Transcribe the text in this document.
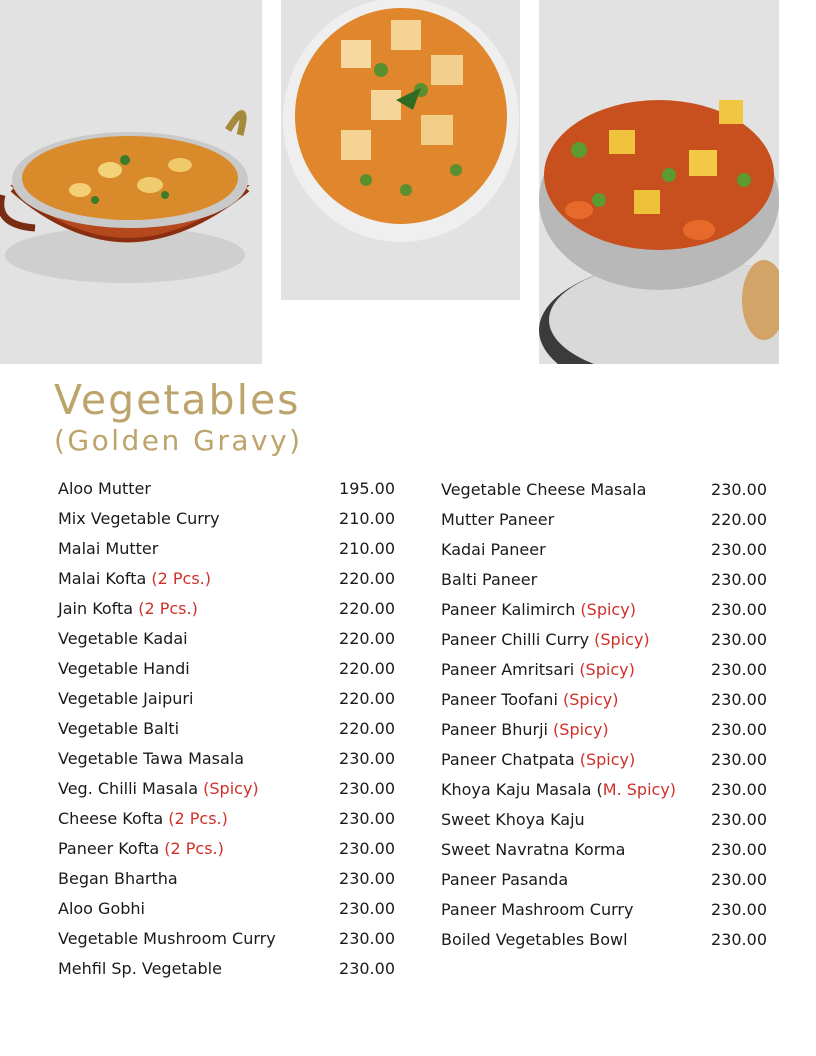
Vegetables
(Golden Gravy)
Aloo Mutter	195.00
Mix Vegetable Curry	210.00
Malai Mutter	210.00
Malai Kofta (2 Pcs.)	220.00
Jain Kofta (2 Pcs.)	220.00
Vegetable Kadai	220.00
Vegetable Handi	220.00
Vegetable Jaipuri	220.00
Vegetable Balti	220.00
Vegetable Tawa Masala	230.00
Veg. Chilli Masala (Spicy)	230.00
Cheese Kofta (2 Pcs.)	230.00
Paneer Kofta (2 Pcs.)	230.00
Began Bhartha	230.00
Aloo Gobhi	230.00
Vegetable Mushroom Curry	230.00
Mehfil Sp. Vegetable	230.00
Vegetable Cheese Masala	230.00
Mutter Paneer	220.00
Kadai Paneer	230.00
Balti Paneer	230.00
Paneer Kalimirch (Spicy)	230.00
Paneer Chilli Curry (Spicy)	230.00
Paneer Amritsari (Spicy)	230.00
Paneer Toofani (Spicy)	230.00
Paneer Bhurji (Spicy)	230.00
Paneer Chatpata (Spicy)	230.00
Khoya Kaju Masala (M. Spicy) 230.00
Sweet Khoya Kaju	230.00
Sweet Navratna Korma	230.00
Paneer Pasanda	230.00
Paneer Mashroom Curry	230.00
Boiled Vegetables Bowl	230.00
